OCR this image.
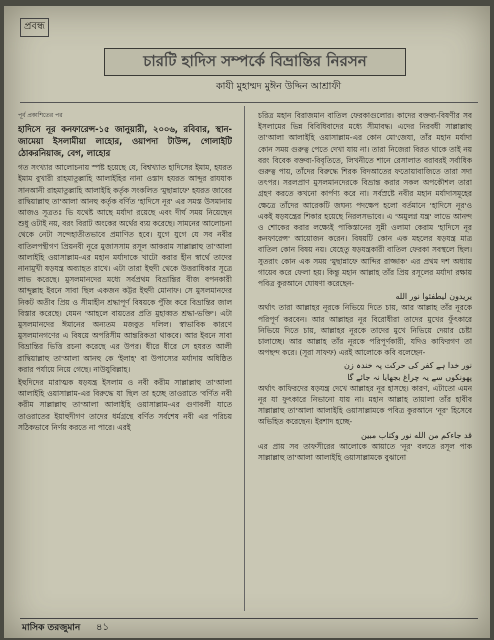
প্রবন্ধ
চারটি হাদিস সম্পর্কে বিভ্রান্তির নিরসন
কাযী মুহাম্মদ মুঈন উদ্দিন আশ্রাফী
পূর্ব প্রকাশিতের পর
হাদিসে নূর কনফারেন্স-১৫ জানুয়ারী, ২০০৬, রবিবার, স্থান-জামেয়া ইসলামীয়া লাহোর, ওয়াপদা টাউন্স, গোলাইটি ঠোকরনিয়াজ, বেগ, লাহোর

গত সংখ্যার আলোচনায় স্পষ্ট হয়েছে যে, বিশ্বখ্যাত হাদিসের ইমাম, হযরত ইমাম বুখারী রাহমাতুল্লাহি আলাইহির নানা ওস্তাদ হযরত আব্দুর রাযযাক সানআনী রাহমাতুল্লাহি আলাইহি কর্তৃক সংকলিত 'মুছান্নাফে' হযরত জাবের রাদ্বিয়াল্লাহু তা'আলা আনহু কর্তৃক বর্ণিত 'হাদিসে নূর' এর সমস্ত উসমানায় আজও সূত্রতঃ ভি যথেষ্ট আছে মর্যাদা রয়েছে এবং দীর্ঘ সময় নিয়েছেন শুধু ওটাই নয়, বরং বিরাট অংকের অর্থের ব্যয় করেছে। সামনের আলোচনা থেকে নেটা সন্দেহাতীতভাবে প্রমাণিত হবে। যুগে যুগে যে সব নবীর বাতিলপন্থীগণ প্রিয়নবী নূরে মুজাসসাম রসূল আকরাম সাল্লাল্লাহু তা'আলা আলাইহি ওয়াসাল্লাম-এর মহান মর্যাদাকে খাটো করার হীন স্বার্থে তাদের নানামুখী ষড়যন্ত্র অব্যাহত রাখে। এটা তারা ইহুদী থেকে উত্তরাধিকার সূত্রে লাভ করেছে। মুসলমানদের মধ্যে সর্বপ্রথম বিভ্রান্তির বীজ বপনকারী আব্দুল্লাহ ইবনে সাবা ছিল একজন কট্টর ইহুদী মোনাফ। সে মুসলমানদের নিকট অতীব প্রিয় ও সীমাহীন শ্রদ্ধাপূর্ণ বিষয়কে পুঁজি করে বিভ্রান্তির জাল বিস্তার করেছে। যেমন 'আহলে বায়তের প্রতি মুহাব্বত শ্রদ্ধা-ভক্তি'। এটা মুসলমানদের ঈমানের অন্যতম মজবুত দলিল। স্বাভাবিক কারণে মুসলমানগণের এ বিষয়ে অপরিসীম আন্তরিকতা থাকবে। আর ইবনে সাবা বিভ্রান্তির ভিত্তি রচনা করেছে এর উপর। ধীরে ধীরে সে হযরত আলী রাদ্বিয়াল্লাহু তা'আলা আনহু কে 'ইলাহ' বা উপাস্যের মর্যাদায় অধিষ্ঠিত করার পর্যায়ে নিয়ে গেছে। নাউযুবিল্লাহ।

ইহুদিদের মারাত্মক ষড়যন্ত্র ইসলাম ও নবী করীম সাল্লাল্লাহু তা'আলা আলাইহি ওয়াসাল্লাম-এর বিরুদ্ধে যা ছিল তা হচ্ছে তাওরাতে 'বর্ণিত নবী করীম সাল্লাল্লাহু তা'আলা আলাইহি ওয়াসাল্লাম-এর গুণাবলী যাতে তাওরাতের ইয়াহুদীগণ তাদের ধর্মগ্রন্থে বর্ণিত সর্বশেষ নবী এর পরিচয় সঠিকভাবে নির্ণয় করতে না পারে। এরই

চরিত্র মহান বিরাজমান বাতিল ফেরকাগুলোর। কাদের বক্তব্য-বিষণীর সব ইসলামের ভিন্ন বিবিধিবাদের মধ্যে সীমাবদ্ধ। এদের নিরবধী সাল্লাল্লাহু তা'আলা আলাইহি ওয়াসাল্লাম-এর কোন মো'জেযা, তাঁর মহান মর্যাদা কোন সময় গুরুত্ব পেতে দেখা যায় না। তারা নিজেরা বিরত থাকে তাই নয় বরং বিবেক বক্তব্য-বিবৃতিতে, লিখনীতে শানে রেসালাত বরাবরই সর্বাধিক গুরুত্ব পায়, তাঁদের বিরুদ্ধে শিরক বিদআতের ফতোয়াবাজিতে তারা সদা তৎপর। সরলপ্রাণ মুসলমানদেরকে বিভ্রান্ত করার সকল অপকৌশল তারা গ্রহণ করতে কখনো কার্পণ্য করে না। সর্বস্রষ্টে নবীর মহান মর্যাদাসমূহের ক্ষেত্রে তাঁদের আরেকটি জঘন্য পদক্ষেপ হলো বর্তমানে 'হাদিসে নূর'ও একই ষড়যন্ত্রের শিকার হয়েছে নিরলসভাবে। এ 'অমুলগ্ন যন্ত্র' লাভে আনন্দ ও শোকের করার লক্ষ্যেই পাকিস্তানের সুন্নী ওলামা কেরাম 'হাদিসে নূর কনফারেন্স' আয়োজন করেন। বিষয়টি কোন এক মহলের ষড়যন্ত্র মাত্র বাতিল কোন বিষয় নয়। যেহেতু ষড়যন্ত্রকারী বাতিল ফেরকা সবস্থলে ছিল। সুতরাং কোন এক সময় 'মুছান্নাফে আব্দির রাজ্জাক' এর প্রথম দশ অধ্যায় গায়েব করে ফেলা হয়। কিন্তু মহান আল্লাহ তাঁর প্রিয় রসূলের মর্যাদা রক্ষায় পবিত্র কুরআনে ঘোষণা করেছেন-

يريدون ليطفئوا نور الله

অর্থাৎ তারা আল্লাহর নূরকে নিভিয়ে দিতে চায়, আর আল্লাহ তাঁর নূরকে পরিপূর্ণ করবেন। আর আল্লাহর নূর বিরোধীরা তাদের মুখের ফুঁৎকারে নিভিয়ে দিতে চায়, আল্লাহর নূরকে তাদের মুখে নিভিয়ে দেয়ার চেষ্টা চালাচ্ছে। আর আল্লাহ তাঁর নূরকে পরিপূর্ণকারী, যদিও কাফিরগণ তা অপছন্দ করে। (সূরা সাফফ) এরই আলোকে কবি বলেছেন-

نور خدا ہے کفر کی حرکت پہ خندہ زن
پھونکوں سے یہ چراغ بجھایا نہ جائے گا

অর্থাৎ কাফিরদের ষড়যন্ত্র দেখে আল্লাহর নূর হাসছে। কারণ, এটাতো এমন নূর যা ফুৎকারে নিভানো যায় না। মহান আল্লাহ তায়ালা তাঁর হাবীব সাল্লাল্লাহু তা'আলা আলাইহি ওয়াসাল্লামকে পবিত্র কুরআনে 'নূর' হিসেবে অভিহিত করেছেন। ইরশাদ হচ্ছে-

قد جاءكم من الله نور وكتاب مبين

এর প্রায় সব তাফসীরের আলোকে আয়াতে 'নূর' বলতে রসূল পাক সাল্লাল্লাহু তা'আলা আলাইহি ওয়াসাল্লামকে বুঝানো

মাসিক তরজুমান ৪১
